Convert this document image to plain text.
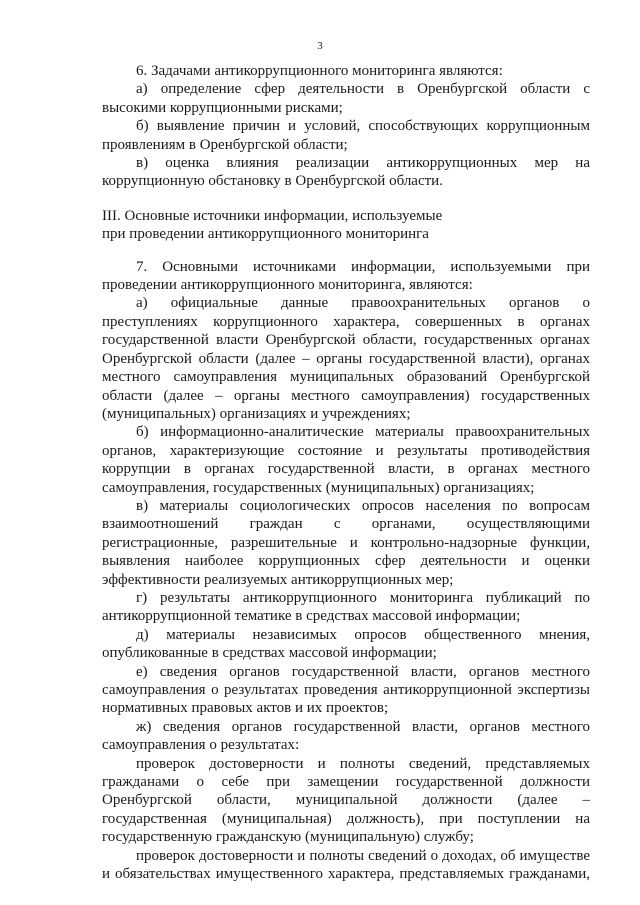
3

6. Задачами антикоррупционного мониторинга являются:

а) определение сфер деятельности в Оренбургской области с высокими коррупционными рисками;

б) выявление причин и условий, способствующих коррупционным проявлениям в Оренбургской области;

в) оценка влияния реализации антикоррупционных мер на коррупционную обстановку в Оренбургской области.

III. Основные источники информации, используемые
при проведении антикоррупционного мониторинга

7. Основными источниками информации, используемыми при проведении антикоррупционного мониторинга, являются:

а) официальные данные правоохранительных органов о преступлениях коррупционного характера, совершенных в органах государственной власти Оренбургской области, государственных органах Оренбургской области (далее – органы государственной власти), органах местного самоуправления муниципальных образований Оренбургской области (далее – органы местного самоуправления) государственных (муниципальных) организациях и учреждениях;

б) информационно-аналитические материалы правоохранительных органов, характеризующие состояние и результаты противодействия коррупции в органах государственной власти, в органах местного самоуправления, государственных (муниципальных) организациях;

в) материалы социологических опросов населения по вопросам взаимоотношений граждан с органами, осуществляющими регистрационные, разрешительные и контрольно-надзорные функции, выявления наиболее коррупционных сфер деятельности и оценки эффективности реализуемых антикоррупционных мер;

г) результаты антикоррупционного мониторинга публикаций по антикоррупционной тематике в средствах массовой информации;

д) материалы независимых опросов общественного мнения, опубликованные в средствах массовой информации;

е) сведения органов государственной власти, органов местного самоуправления о результатах проведения антикоррупционной экспертизы нормативных правовых актов и их проектов;

ж) сведения органов государственной власти, органов местного самоуправления о результатах:

проверок достоверности и полноты сведений, представляемых гражданами о себе при замещении государственной должности Оренбургской области, муниципальной должности (далее – государственная (муниципальная) должность), при поступлении на государственную гражданскую (муниципальную) службу;

проверок достоверности и полноты сведений о доходах, об имуществе и обязательствах имущественного характера, представляемых гражданами,
